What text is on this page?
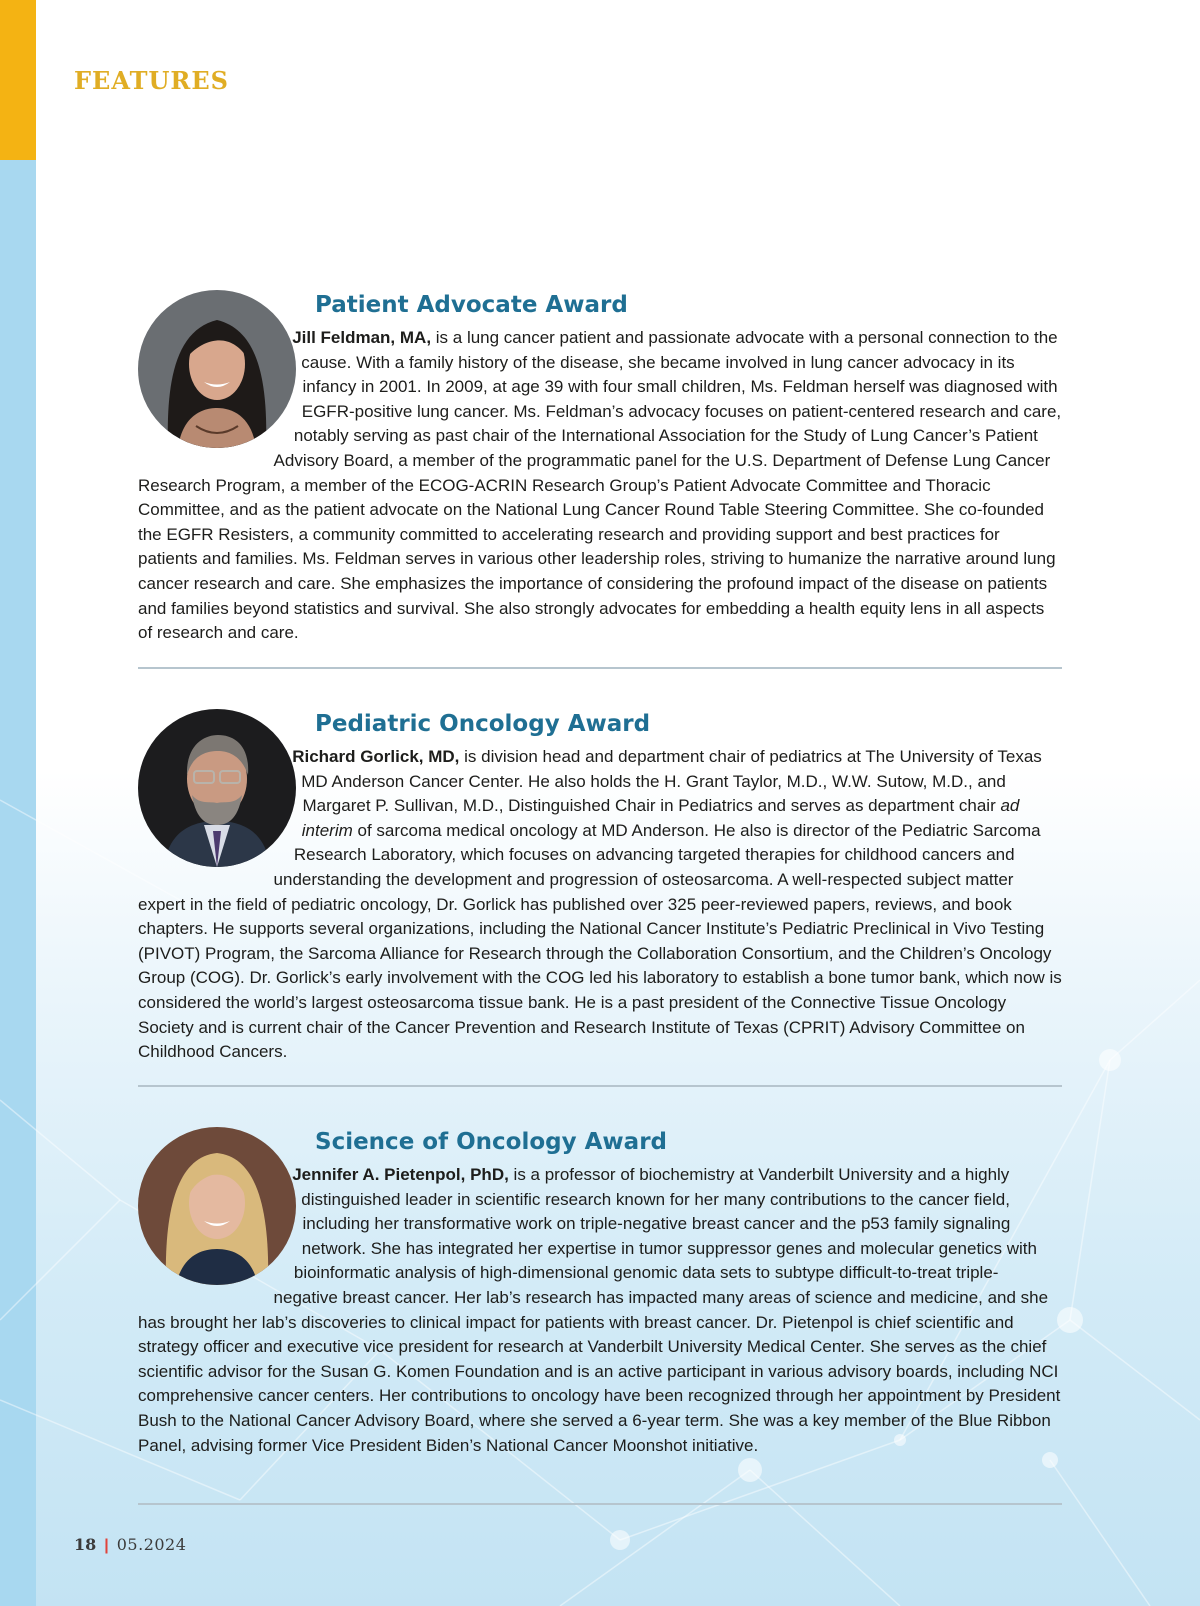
FEATURES
Patient Advocate Award

Jill Feldman, MA, is a lung cancer patient and passionate advocate with a personal connection to the cause. With a family history of the disease, she became involved in lung cancer advocacy in its infancy in 2001. In 2009, at age 39 with four small children, Ms. Feldman herself was diagnosed with EGFR-positive lung cancer. Ms. Feldman’s advocacy focuses on patient-centered research and care, notably serving as past chair of the International Association for the Study of Lung Cancer’s Patient Advisory Board, a member of the programmatic panel for the U.S. Department of Defense Lung Cancer Research Program, a member of the ECOG-ACRIN Research Group’s Patient Advocate Committee and Thoracic Committee, and as the patient advocate on the National Lung Cancer Round Table Steering Committee. She co-founded the EGFR Resisters, a community committed to accelerating research and providing support and best practices for patients and families. Ms. Feldman serves in various other leadership roles, striving to humanize the narrative around lung cancer research and care. She emphasizes the importance of considering the profound impact of the disease on patients and families beyond statistics and survival. She also strongly advocates for embedding a health equity lens in all aspects of research and care.

Pediatric Oncology Award

Richard Gorlick, MD, is division head and department chair of pediatrics at The University of Texas MD Anderson Cancer Center. He also holds the H. Grant Taylor, M.D., W.W. Sutow, M.D., and Margaret P. Sullivan, M.D., Distinguished Chair in Pediatrics and serves as department chair ad interim of sarcoma medical oncology at MD Anderson. He also is director of the Pediatric Sarcoma Research Laboratory, which focuses on advancing targeted therapies for childhood cancers and understanding the development and progression of osteosarcoma. A well-respected subject matter expert in the field of pediatric oncology, Dr. Gorlick has published over 325 peer-reviewed papers, reviews, and book chapters. He supports several organizations, including the National Cancer Institute’s Pediatric Preclinical in Vivo Testing (PIVOT) Program, the Sarcoma Alliance for Research through the Collaboration Consortium, and the Children’s Oncology Group (COG). Dr. Gorlick’s early involvement with the COG led his laboratory to establish a bone tumor bank, which now is considered the world’s largest osteosarcoma tissue bank. He is a past president of the Connective Tissue Oncology Society and is current chair of the Cancer Prevention and Research Institute of Texas (CPRIT) Advisory Committee on Childhood Cancers.

Science of Oncology Award

Jennifer A. Pietenpol, PhD, is a professor of biochemistry at Vanderbilt University and a highly distinguished leader in scientific research known for her many contributions to the cancer field, including her transformative work on triple-negative breast cancer and the p53 family signaling network. She has integrated her expertise in tumor suppressor genes and molecular genetics with bioinformatic analysis of high-dimensional genomic data sets to subtype difficult-to-treat triple-negative breast cancer. Her lab’s research has impacted many areas of science and medicine, and she has brought her lab’s discoveries to clinical impact for patients with breast cancer. Dr. Pietenpol is chief scientific and strategy officer and executive vice president for research at Vanderbilt University Medical Center. She serves as the chief scientific advisor for the Susan G. Komen Foundation and is an active participant in various advisory boards, including NCI comprehensive cancer centers. Her contributions to oncology have been recognized through her appointment by President Bush to the National Cancer Advisory Board, where she served a 6-year term. She was a key member of the Blue Ribbon Panel, advising former Vice President Biden’s National Cancer Moonshot initiative.

18 | 05.2024
